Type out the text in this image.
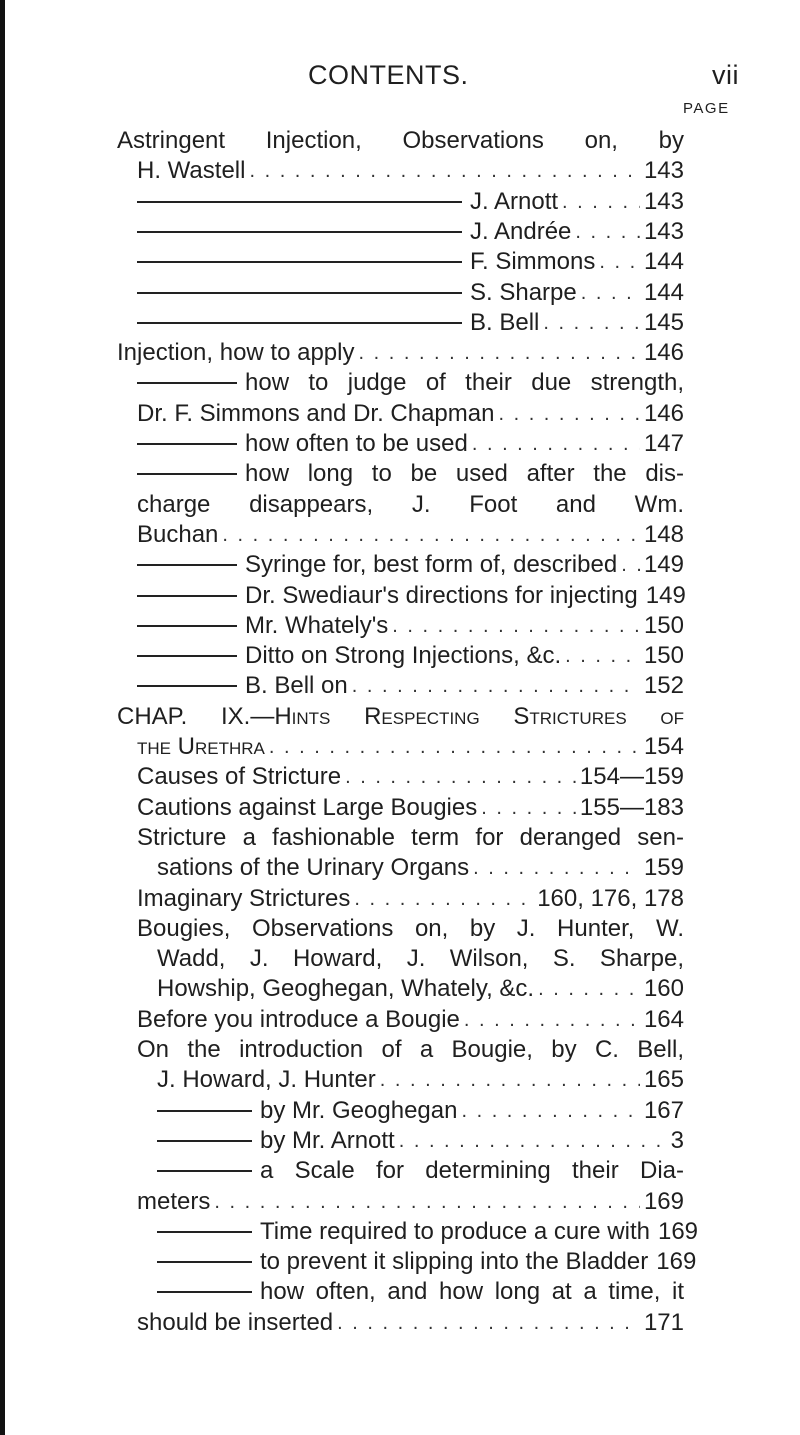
CONTENTS.	vii
PAGE
Astringent Injection, Observations on, by
H. Wastell . . .	143
J. Arnott . . .	143
J. Andrée . . .	143
F. Simmons . . . 144
S. Sharpe . . .	144
B. Bell . . .	145
Injection, how to apply . . .	146
how to judge of their due strength,
Dr. F. Simmons and Dr. Chapman . . .	146
how often to be used . . .	147
how long to be used after the dis-
charge disappears, J. Foot and Wm.
Buchan . . .	148
Syringe for, best form of, described . . . 149
Dr. Swediaur's directions for injecting 149
Mr. Whately's . . .	150
Ditto on Strong Injections, &c. . . .	150
B. Bell on . . .	152
CHAP. IX.—Hints Respecting Strictures of
the Urethra . . .	154
Causes of Stricture . . .	154—159
Cautions against Large Bougies . . .	155—183
Stricture a fashionable term for deranged sen-
sations of the Urinary Organs . . .	159
Imaginary Strictures . . .	160, 176, 178
Bougies, Observations on, by J. Hunter, W.
Wadd, J. Howard, J. Wilson, S. Sharpe,
Howship, Geoghegan, Whately, &c. . . .	160
Before you introduce a Bougie . . .	164
On the introduction of a Bougie, by C. Bell,
J. Howard, J. Hunter . . .	165
by Mr. Geoghegan . . .	167
by Mr. Arnott . . .	3
a Scale for determining their Dia-
meters . . .	169
Time required to produce a cure with 169
to prevent it slipping into the Bladder 169
how often, and how long at a time, it
should be inserted . . .	171
